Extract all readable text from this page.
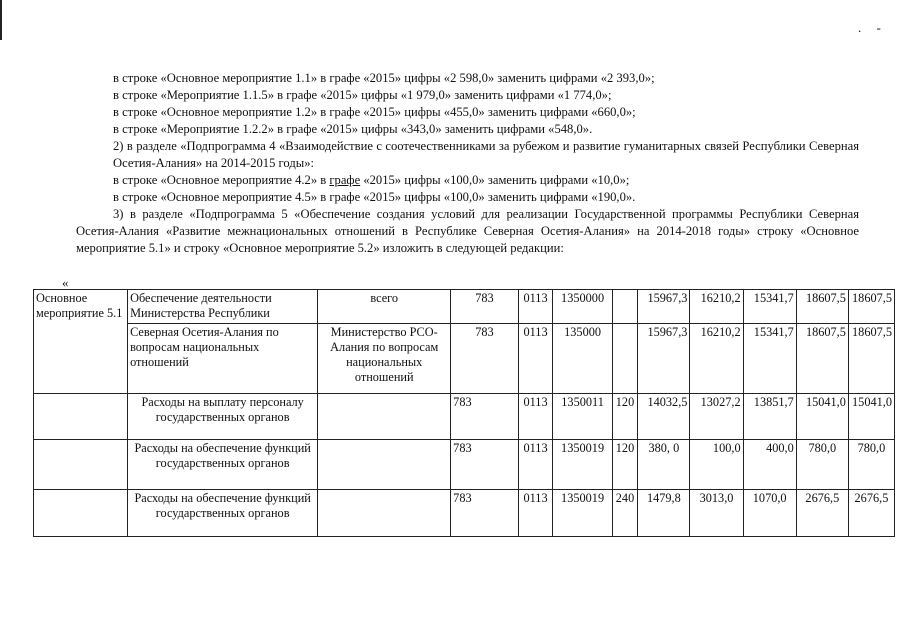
. -
в строке «Основное мероприятие 1.1» в графе «2015» цифры «2 598,0» заменить цифрами «2 393,0»;
в строке «Мероприятие 1.1.5» в графе «2015» цифры «1 979,0» заменить цифрами «1 774,0»;
в строке «Основное мероприятие 1.2» в графе «2015» цифры «455,0» заменить цифрами «660,0»;
в строке «Мероприятие 1.2.2» в графе «2015» цифры «343,0» заменить цифрами «548,0».
2) в разделе «Подпрограмма 4 «Взаимодействие с соотечественниками за рубежом и развитие гуманитарных связей Республики Северная Осетия-Алания» на 2014-2015 годы»:
в строке «Основное мероприятие 4.2» в графе «2015» цифры «100,0» заменить цифрами «10,0»;
в строке «Основное мероприятие 4.5» в графе «2015» цифры «100,0» заменить цифрами «190,0».
3) в разделе «Подпрограмма 5 «Обеспечение создания условий для реализации Государственной программы Республики Северная Осетия-Алания «Развитие межнациональных отношений в Республике Северная Осетия-Алания» на 2014-2018 годы» строку «Основное мероприятие 5.1» и строку «Основное мероприятие 5.2» изложить в следующей редакции:
«
Основное мероприятие 5.1	Обеспечение деятельности Министерства Республики	всего	783	0113	1350000		15967,3	16210,2	15341,7	18607,5	18607,5
	Северная Осетия-Алания по вопросам национальных отношений	Министерство РСО-Алания по вопросам национальных отношений	783	0113	135000		15967,3	16210,2	15341,7	18607,5	18607,5
	Расходы на выплату персоналу государственных органов		783	0113	1350011	120	14032,5	13027,2	13851,7	15041,0	15041,0
	Расходы на обеспечение функций государственных органов		783	0113	1350019	120	380, 0	100,0	400,0	780,0	780,0
	Расходы на обеспечение функций государственных органов		783	0113	1350019	240	1479,8	3013,0	1070,0	2676,5	2676,5
